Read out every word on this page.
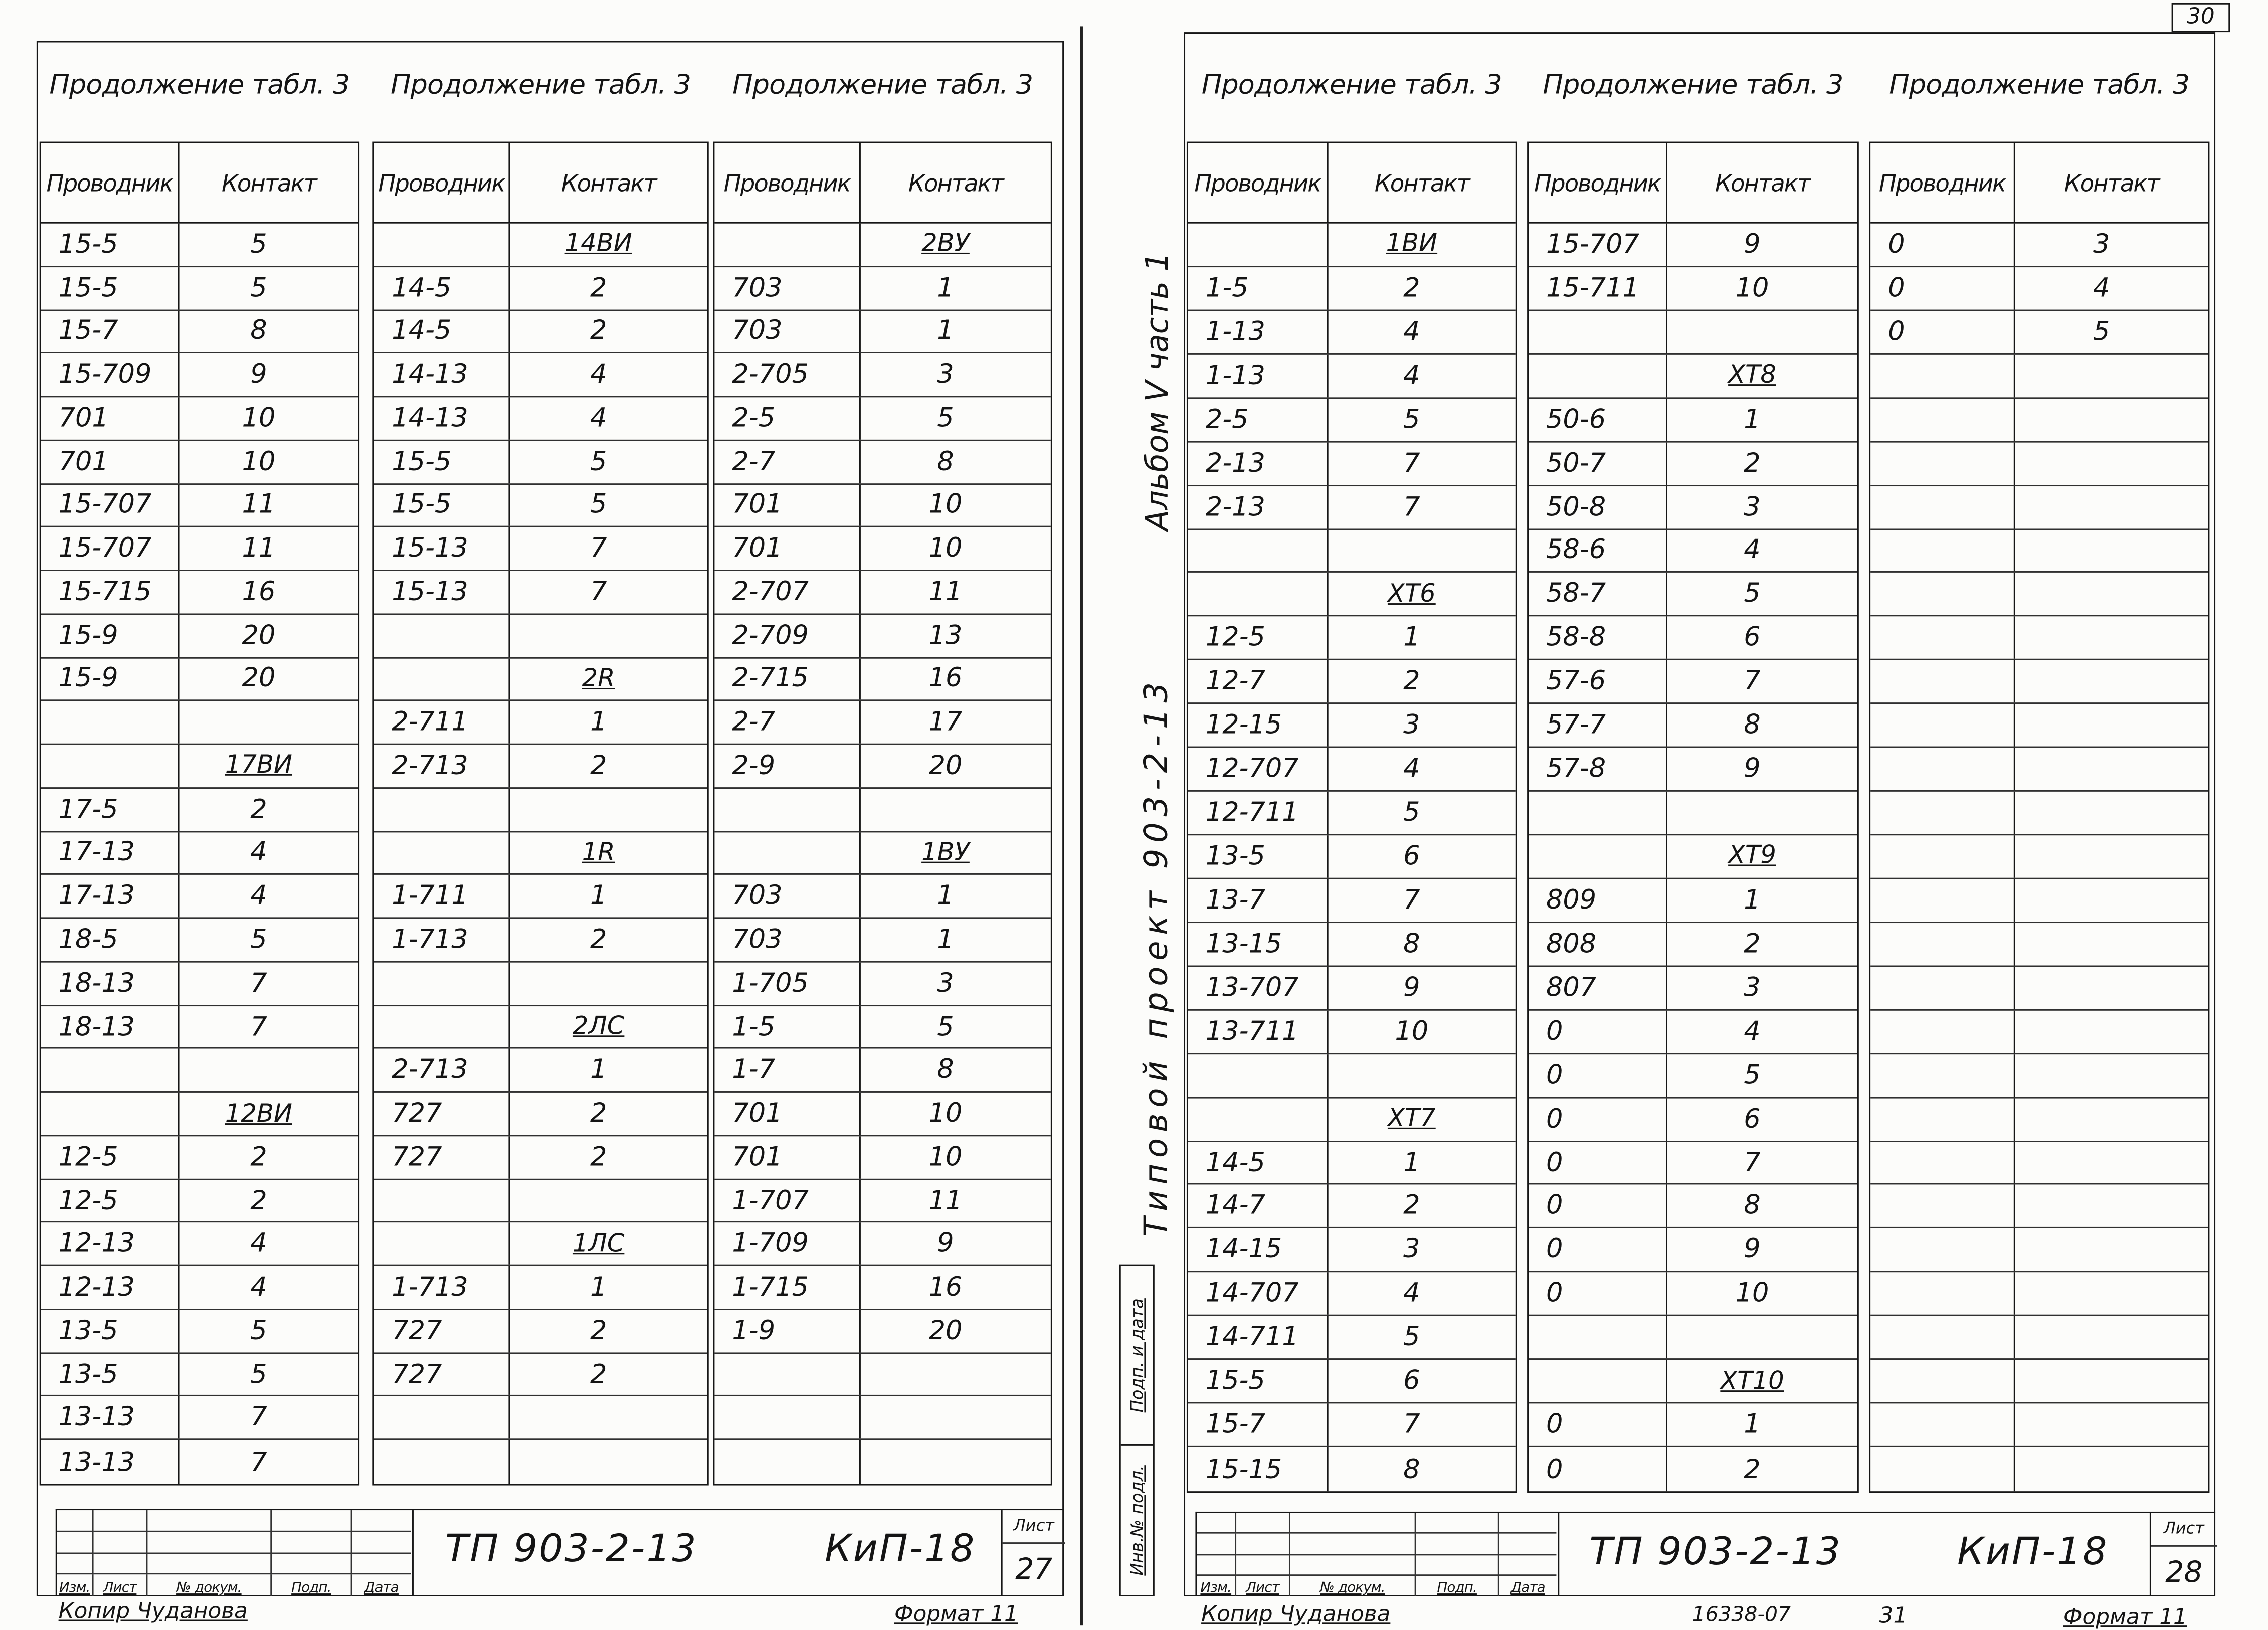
Продолжение табл. 3
Проводник	Контакт
15-5	5
15-5	5
15-7	8
15-709	9
701	10
701	10
15-707	11
15-707	11
15-715	16
15-9	20
15-9	20
17ВИ
17-5	2
17-13	4
17-13	4
18-5	5
18-13	7
18-13	7
12ВИ
12-5	2
12-5	2
12-13	4
12-13	4
13-5	5
13-5	5
13-13	7
13-13	7
Продолжение табл. 3
Проводник	Контакт
14ВИ
14-5	2
14-5	2
14-13	4
14-13	4
15-5	5
15-5	5
15-13	7
15-13	7
2R
2-711	1
2-713	2
1R
1-711	1
1-713	2
2ЛС
2-713	1
727	2
727	2
1ЛС
1-713	1
727	2
727	2
Продолжение табл. 3
Проводник	Контакт
2ВУ
703	1
703	1
2-705	3
2-5	5
2-7	8
701	10
701	10
2-707	11
2-709	13
2-715	16
2-7	17
2-9	20
1ВУ
703	1
703	1
1-705	3
1-5	5
1-7	8
701	10
701	10
1-707	11
1-709	9
1-715	16
1-9	20
Изм.	Лист	№ докум.	Подп.	Дата
ТП 903-2-13	КиП-18
Лист
27
Копир Чуданова	Формат 11
30
Альбом V часть 1
Типовой проект 903-2-13
Подп. и дата
Инв.№ подл.
Продолжение табл. 3
Проводник	Контакт
1ВИ
1-5	2
1-13	4
1-13	4
2-5	5
2-13	7
2-13	7
XT6
12-5	1
12-7	2
12-15	3
12-707	4
12-711	5
13-5	6
13-7	7
13-15	8
13-707	9
13-711	10
XT7
14-5	1
14-7	2
14-15	3
14-707	4
14-711	5
15-5	6
15-7	7
15-15	8
Продолжение табл. 3
Проводник	Контакт
15-707	9
15-711	10
XT8
50-6	1
50-7	2
50-8	3
58-6	4
58-7	5
58-8	6
57-6	7
57-7	8
57-8	9
XT9
809	1
808	2
807	3
0	4
0	5
0	6
0	7
0	8
0	9
0	10
XT10
0	1
0	2
Продолжение табл. 3
Проводник	Контакт
0	3
0	4
0	5
Изм.	Лист	№ докум.	Подп.	Дата
ТП 903-2-13	КиП-18
Лист
28
Копир Чуданова	16338-07	31	Формат 11
